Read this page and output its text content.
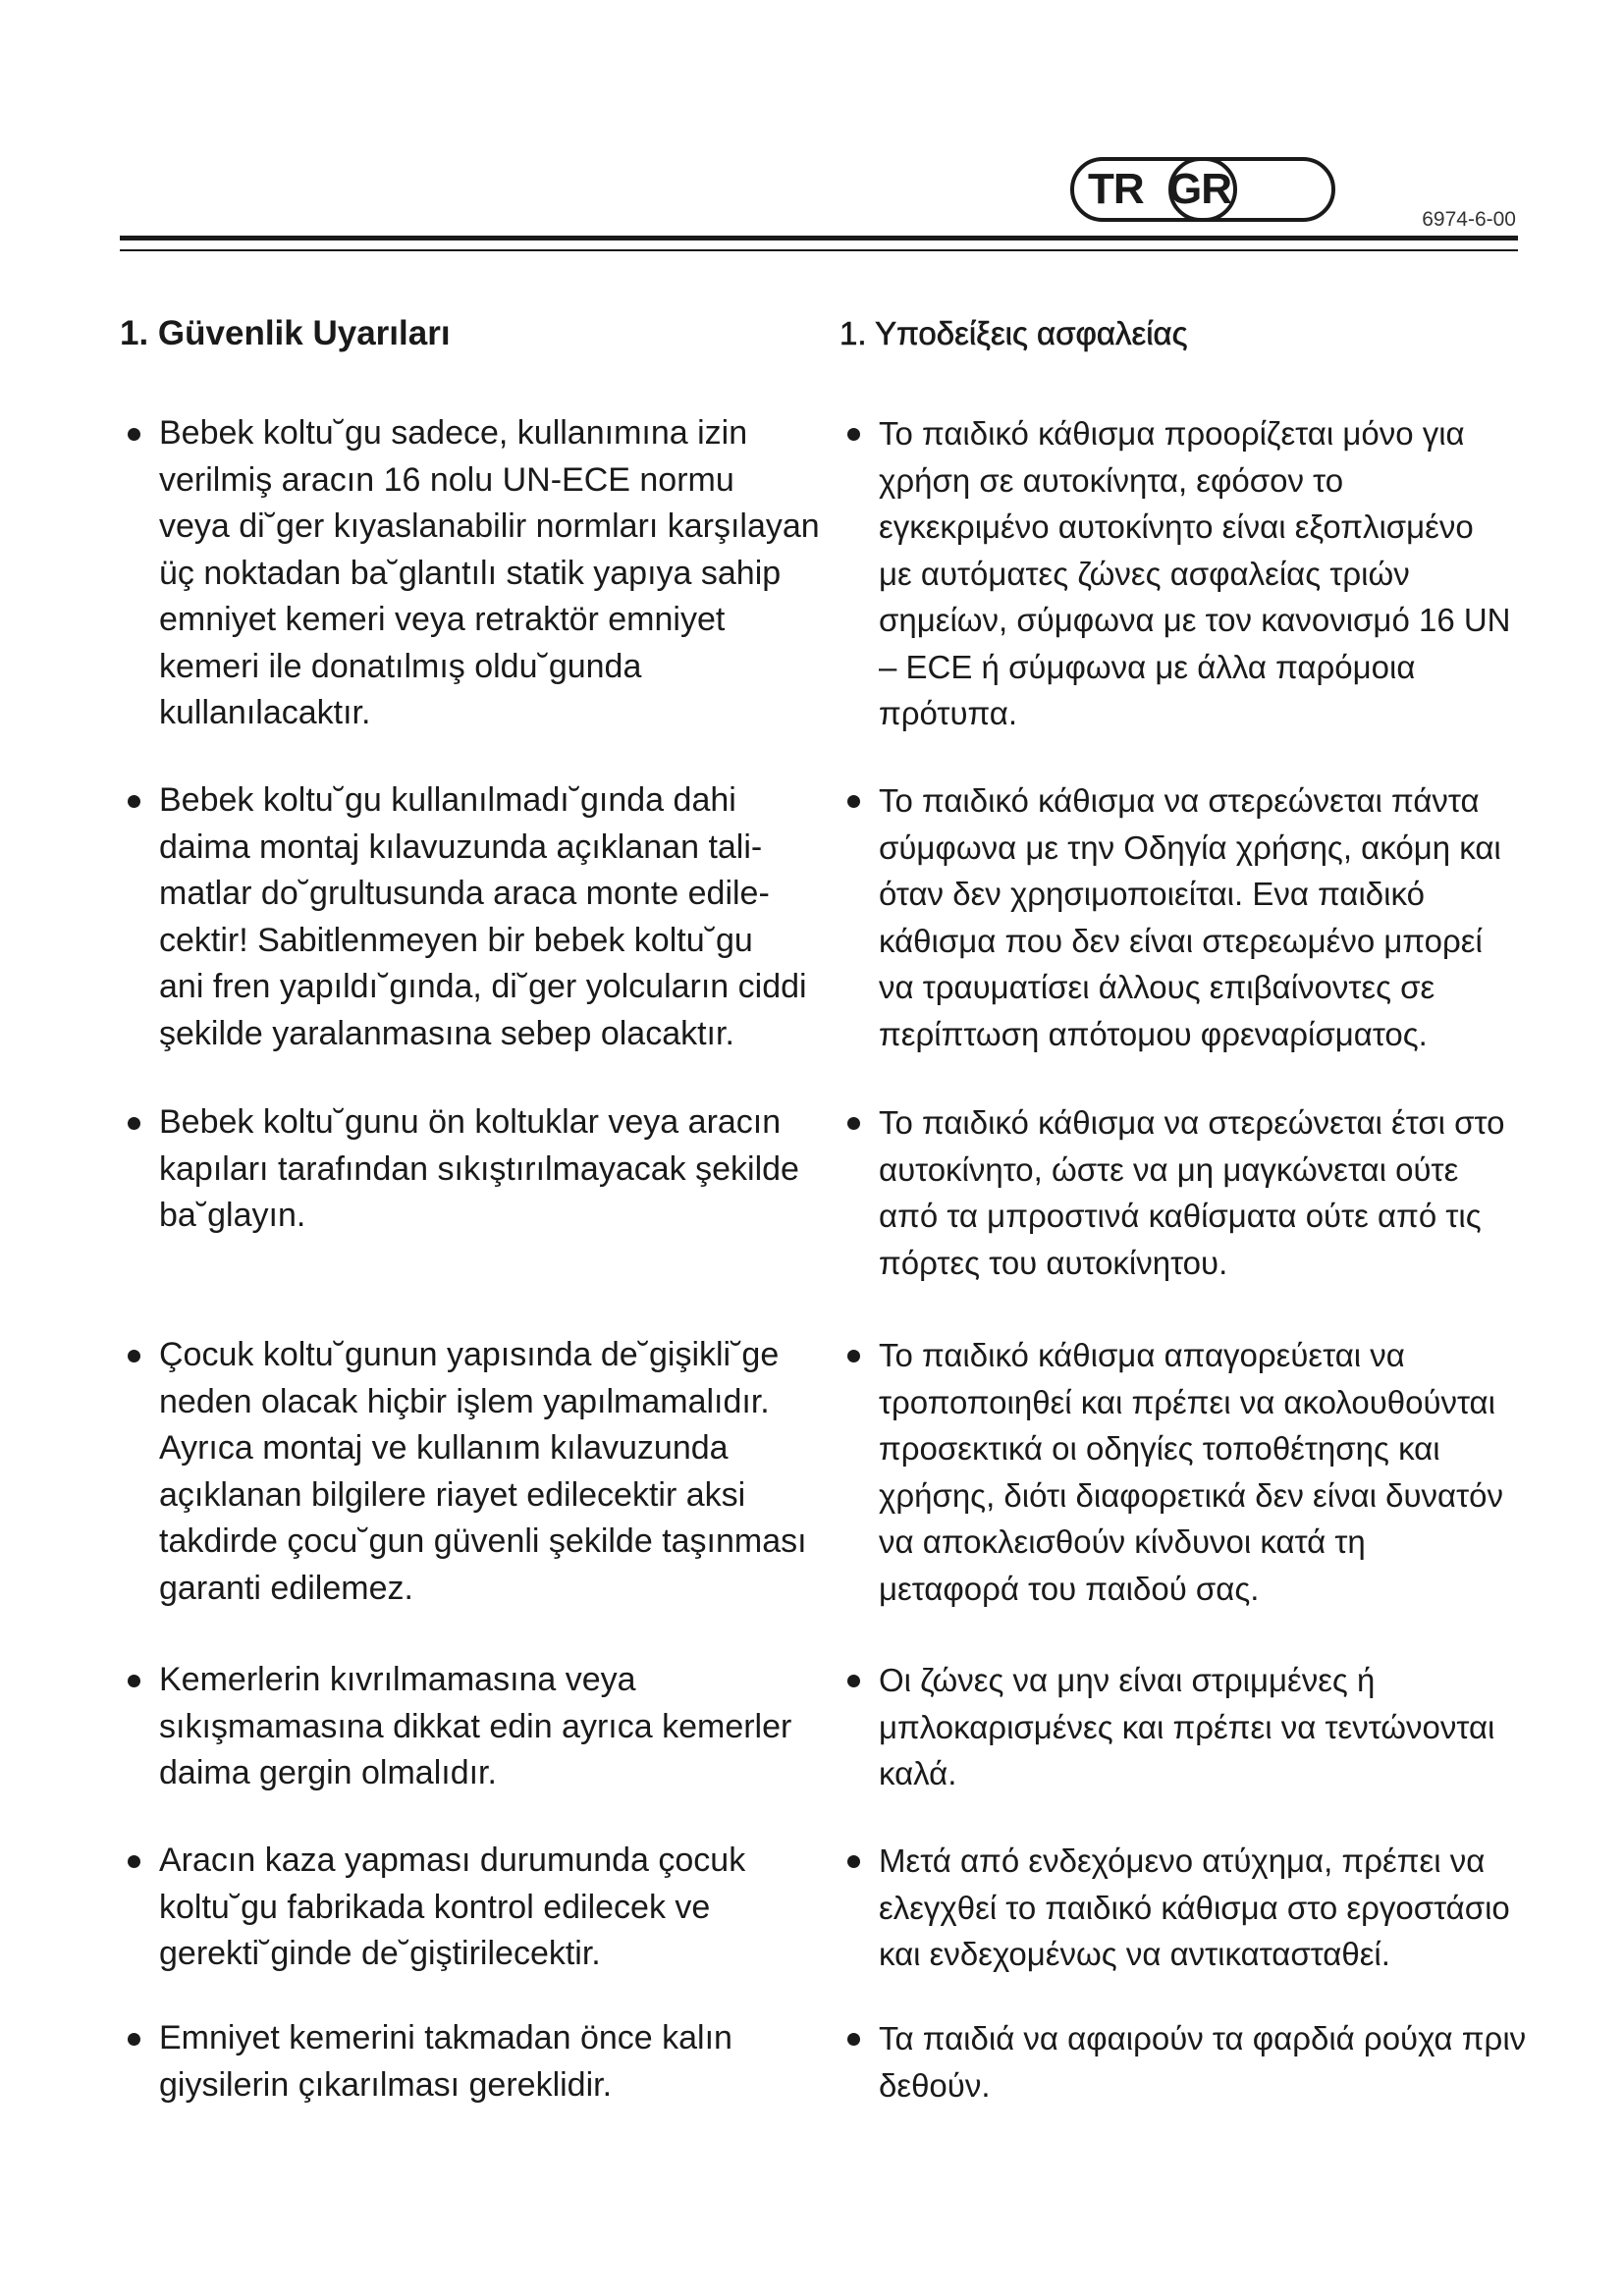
TR GR
6974-6-00
1. Güvenlik Uyarıları
Bebek koltu˘gu sadece, kullanımına izin
verilmiş aracın 16 nolu UN-ECE normu
veya di˘ger kıyaslanabilir normları karşılayan
üç noktadan ba˘glantılı statik yapıya sahip
emniyet kemeri veya retraktör emniyet
kemeri ile donatılmış oldu˘gunda
kullanılacaktır.
Bebek koltu˘gu kullanılmadı˘gında dahi
daima montaj kılavuzunda açıklanan tali-
matlar do˘grultusunda araca monte edile-
cektir! Sabitlenmeyen bir bebek koltu˘gu
ani fren yapıldı˘gında, di˘ger yolcuların ciddi
şekilde yaralanmasına sebep olacaktır.
Bebek koltu˘gunu ön koltuklar veya aracın
kapıları tarafından sıkıştırılmayacak şekilde
ba˘glayın.
Çocuk koltu˘gunun yapısında de˘gişikli˘ge
neden olacak hiçbir işlem yapılmamalıdır.
Ayrıca montaj ve kullanım kılavuzunda
açıklanan bilgilere riayet edilecektir aksi
takdirde çocu˘gun güvenli şekilde taşınması
garanti edilemez.
Kemerlerin kıvrılmamasına veya
sıkışmamasına dikkat edin ayrıca kemerler
daima gergin olmalıdır.
Aracın kaza yapması durumunda çocuk
koltu˘gu fabrikada kontrol edilecek ve
gerekti˘ginde de˘giştirilecektir.
Emniyet kemerini takmadan önce kalın
giysilerin çıkarılması gereklidir.
1. Υποδείξεις ασφαλείας
Το παιδικό κάθισμα προορίζεται μόνο για
χρήση σε αυτοκίνητα, εφόσον το
εγκεκριμένο αυτοκίνητο είναι εξοπλισμένο
με αυτόματες ζώνες ασφαλείας τριών
σημείων, σύμφωνα με τον κανονισμό 16 UN
– ECE ή σύμφωνα με άλλα παρόμοια
πρότυπα.
Το παιδικό κάθισμα να στερεώνεται πάντα
σύμφωνα με την Οδηγία χρήσης, ακόμη και
όταν δεν χρησιμοποιείται. Ενα παιδικό
κάθισμα που δεν είναι στερεωμένο μπορεί
να τραυματίσει άλλους επιβαίνοντες σε
περίπτωση απότομου φρεναρίσματος.
Το παιδικό κάθισμα να στερεώνεται έτσι στο
αυτοκίνητο, ώστε να μη μαγκώνεται ούτε
από τα μπροστινά καθίσματα ούτε από τις
πόρτες του αυτοκίνητου.
Το παιδικό κάθισμα απαγορεύεται να
τροποποιηθεί και πρέπει να ακολουθούνται
προσεκτικά οι οδηγίες τοποθέτησης και
χρήσης, διότι διαφορετικά δεν είναι δυνατόν
να αποκλεισθούν κίνδυνοι κατά τη
μεταφορά του παιδού σας.
Οι ζώνες να μην είναι στριμμένες ή
μπλοκαρισμένες και πρέπει να τεντώνονται
καλά.
Μετά από ενδεχόμενο ατύχημα, πρέπει να
ελεγχθεί το παιδικό κάθισμα στο εργοστάσιο
και ενδεχομένως να αντικατασταθεί.
Τα παιδιά να αφαιρούν τα φαρδιά ρούχα πριν
δεθούν.
